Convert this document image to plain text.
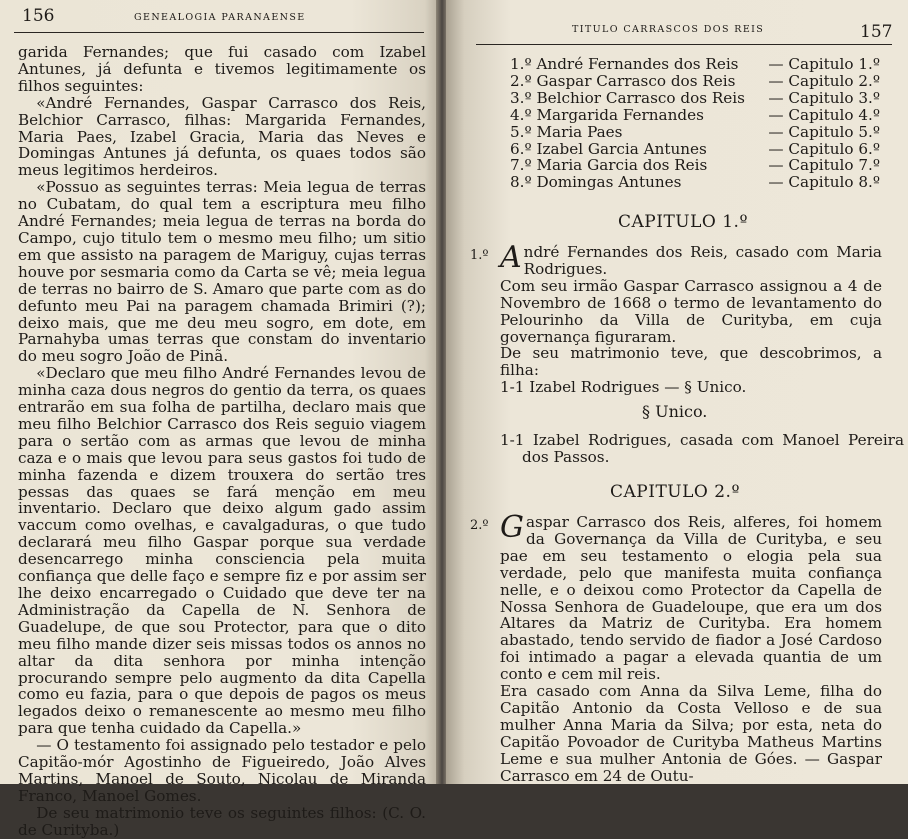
156	GENEALOGIA PARANAENSE

garida Fernandes; que fui casado com Izabel Antunes, já defunta e tivemos legitimamente os filhos seguintes:

«André Fernandes, Gaspar Carrasco dos Reis, Belchior Carrasco, filhas: Margarida Fernandes, Maria Paes, Izabel Gracia, Maria das Neves e Domingas Antunes já defunta, os quaes todos são meus legitimos herdeiros.

«Possuo as seguintes terras: Meia legua de terras no Cubatam, do qual tem a escriptura meu filho André Fernandes; meia legua de terras na borda do Campo, cujo titulo tem o mesmo meu filho; um sitio em que assisto na paragem de Mariguy, cujas terras houve por sesmaria como da Carta se vê; meia legua de terras no bairro de S. Amaro que parte com as do defunto meu Pai na paragem chamada Brimiri (?); deixo mais, que me deu meu sogro, em dote, em Parnahyba umas terras que constam do inventario do meu sogro João de Pinã.

«Declaro que meu filho André Fernandes levou de minha caza dous negros do gentio da terra, os quaes entrarão em sua folha de partilha, declaro mais que meu filho Belchior Carrasco dos Reis seguio viagem para o sertão com as armas que levou de minha caza e o mais que levou para seus gastos foi tudo de minha fazenda e dizem trouxera do sertão tres pessas das quaes se fará menção em meu inventario. Declaro que deixo algum gado assim vaccum como ovelhas, e cavalgaduras, o que tudo declarará meu filho Gaspar porque sua verdade desencarrego minha consciencia pela muita confiança que delle faço e sempre fiz e por assim ser lhe deixo encarregado o Cuidado que deve ter na Administração da Capella de N. Senhora de Guadelupe, de que sou Protector, para que o dito meu filho mande dizer seis missas todos os annos no altar da dita senhora por minha intenção procurando sempre pelo augmento da dita Capella como eu fazia, para o que depois de pagos os meus legados deixo o remanescente ao mesmo meu filho para que tenha cuidado da Capella.»

— O testamento foi assignado pelo testador e pelo Capitão-mór Agostinho de Figueiredo, João Alves Martins, Manoel de Souto, Nicolau de Miranda Franco, Manoel Gomes.

De seu matrimonio teve os seguintes filhos: (C. O. de Curityba.)

TITULO CARRASCOS DOS REIS	157
1.º André Fernandes dos Reis — Capitulo 1.º
2.º Gaspar Carrasco dos Reis — Capitulo 2.º
3.º Belchior Carrasco dos Reis — Capitulo 3.º
4.º Margarida Fernandes	— Capitulo 4.º
5.º Maria Paes	— Capitulo 5.º
6.º Izabel Garcia Antunes	— Capitulo 6.º
7.º Maria Garcia dos Reis	— Capitulo 7.º
8.º Domingas Antunes	— Capitulo 8.º
CAPITULO 1.º
1.º André Fernandes dos Reis, casado com Maria Rodrigues.

Com seu irmão Gaspar Carrasco assignou a 4 de Novembro de 1668 o termo de levantamento do Pelourinho da Villa de Curityba, em cuja governança figuraram.

De seu matrimonio teve, que descobrimos, a filha:

1-1 Izabel Rodrigues — § Unico.

§ Unico.
1-1 Izabel Rodrigues, casada com Manoel Pereira dos Passos.
CAPITULO 2.º
2.º Gaspar Carrasco dos Reis, alferes, foi homem da Governança da Villa de Curityba, e seu pae em seu testamento o elogia pela sua verdade, pelo que manifesta muita confiança nelle, e o deixou como Protector da Capella de Nossa Senhora de Guadeloupe, que era um dos Altares da Matriz de Curityba. Era homem abastado, tendo servido de fiador a José Cardoso foi intimado a pagar a elevada quantia de um conto e cem mil reis.

Era casado com Anna da Silva Leme, filha do Capitão Antonio da Costa Velloso e de sua mulher Anna Maria da Silva; por esta, neta do Capitão Povoador de Curityba Matheus Martins Leme e sua mulher Antonia de Góes. — Gaspar Carrasco em 24 de Outu-
